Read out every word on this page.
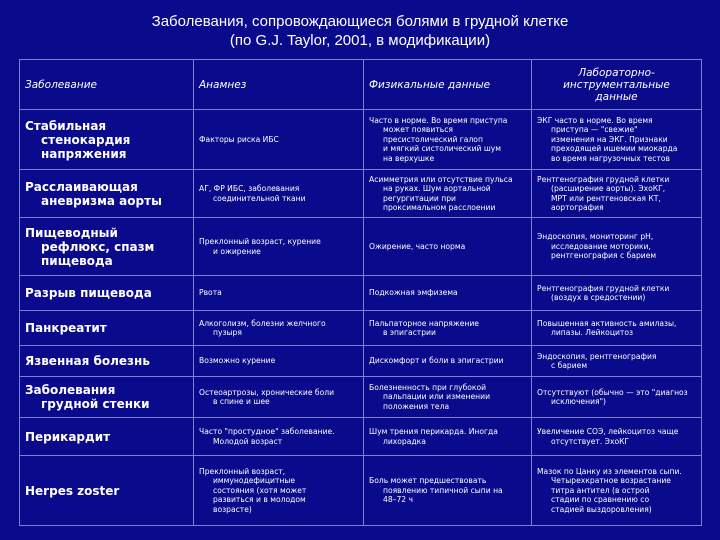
Заболевания, сопровождающиеся болями в грудной клетке
(по G.J. Taylor, 2001, в модификации)
Заболевание	Анамнез	Физикальные данные	Лабораторно-
инструментальные
данные

Стабильная
стенокардия
напряжения	Факторы риска ИБС	Часто в норме. Во время приступа
может появиться
пресистолический галоп
и мягкий систолический шум
на верхушке	ЭКГ часто в норме. Во время
приступа — "свежие"
изменения на ЭКГ. Признаки
преходящей ишемии миокарда
во время нагрузочных тестов

Расслаивающая
аневризма аорты	АГ, ФР ИБС, заболевания
соединительной ткани	Асимметрия или отсутствие пульса
на руках. Шум аортальной
регургитации при
проксимальном расслоении	Рентгенография грудной клетки
(расширение аорты). ЭхоКГ,
МРТ или рентгеновская КТ,
аортография

Пищеводный
рефлюкс, спазм
пищевода	Преклонный возраст, курение
и ожирение	Ожирение, часто норма	Эндоскопия, мониторинг pH,
исследование моторики,
рентгенография с барием

Разрыв пищевода	Рвота	Подкожная эмфизема	Рентгенография грудной клетки
(воздух в средостении)

Панкреатит	Алкоголизм, болезни желчного
пузыря	Пальпаторное напряжение
в эпигастрии	Повышенная активность амилазы,
липазы. Лейкоцитоз

Язвенная болезнь	Возможно курение	Дискомфорт и боли в эпигастрии	Эндоскопия, рентгенография
с барием

Заболевания
грудной стенки	Остеоартрозы, хронические боли
в спине и шее	Болезненность при глубокой
пальпации или изменении
положения тела	Отсутствуют (обычно — это "диагноз
исключения")

Перикардит	Часто "простудное" заболевание.
Молодой возраст	Шум трения перикарда. Иногда
лихорадка	Увеличение СОЭ, лейкоцитоз чаще
отсутствует. ЭхоКГ

Herpes zoster	Преклонный возраст,
иммунодефицитные
состояния (хотя может
развиться и в молодом
возрасте)	Боль может предшествовать
появлению типичной сыпи на
48–72 ч	Мазок по Цанку из элементов сыпи.
Четырехкратное возрастание
титра антител (в острой
стадии по сравнению со
стадией выздоровления)
